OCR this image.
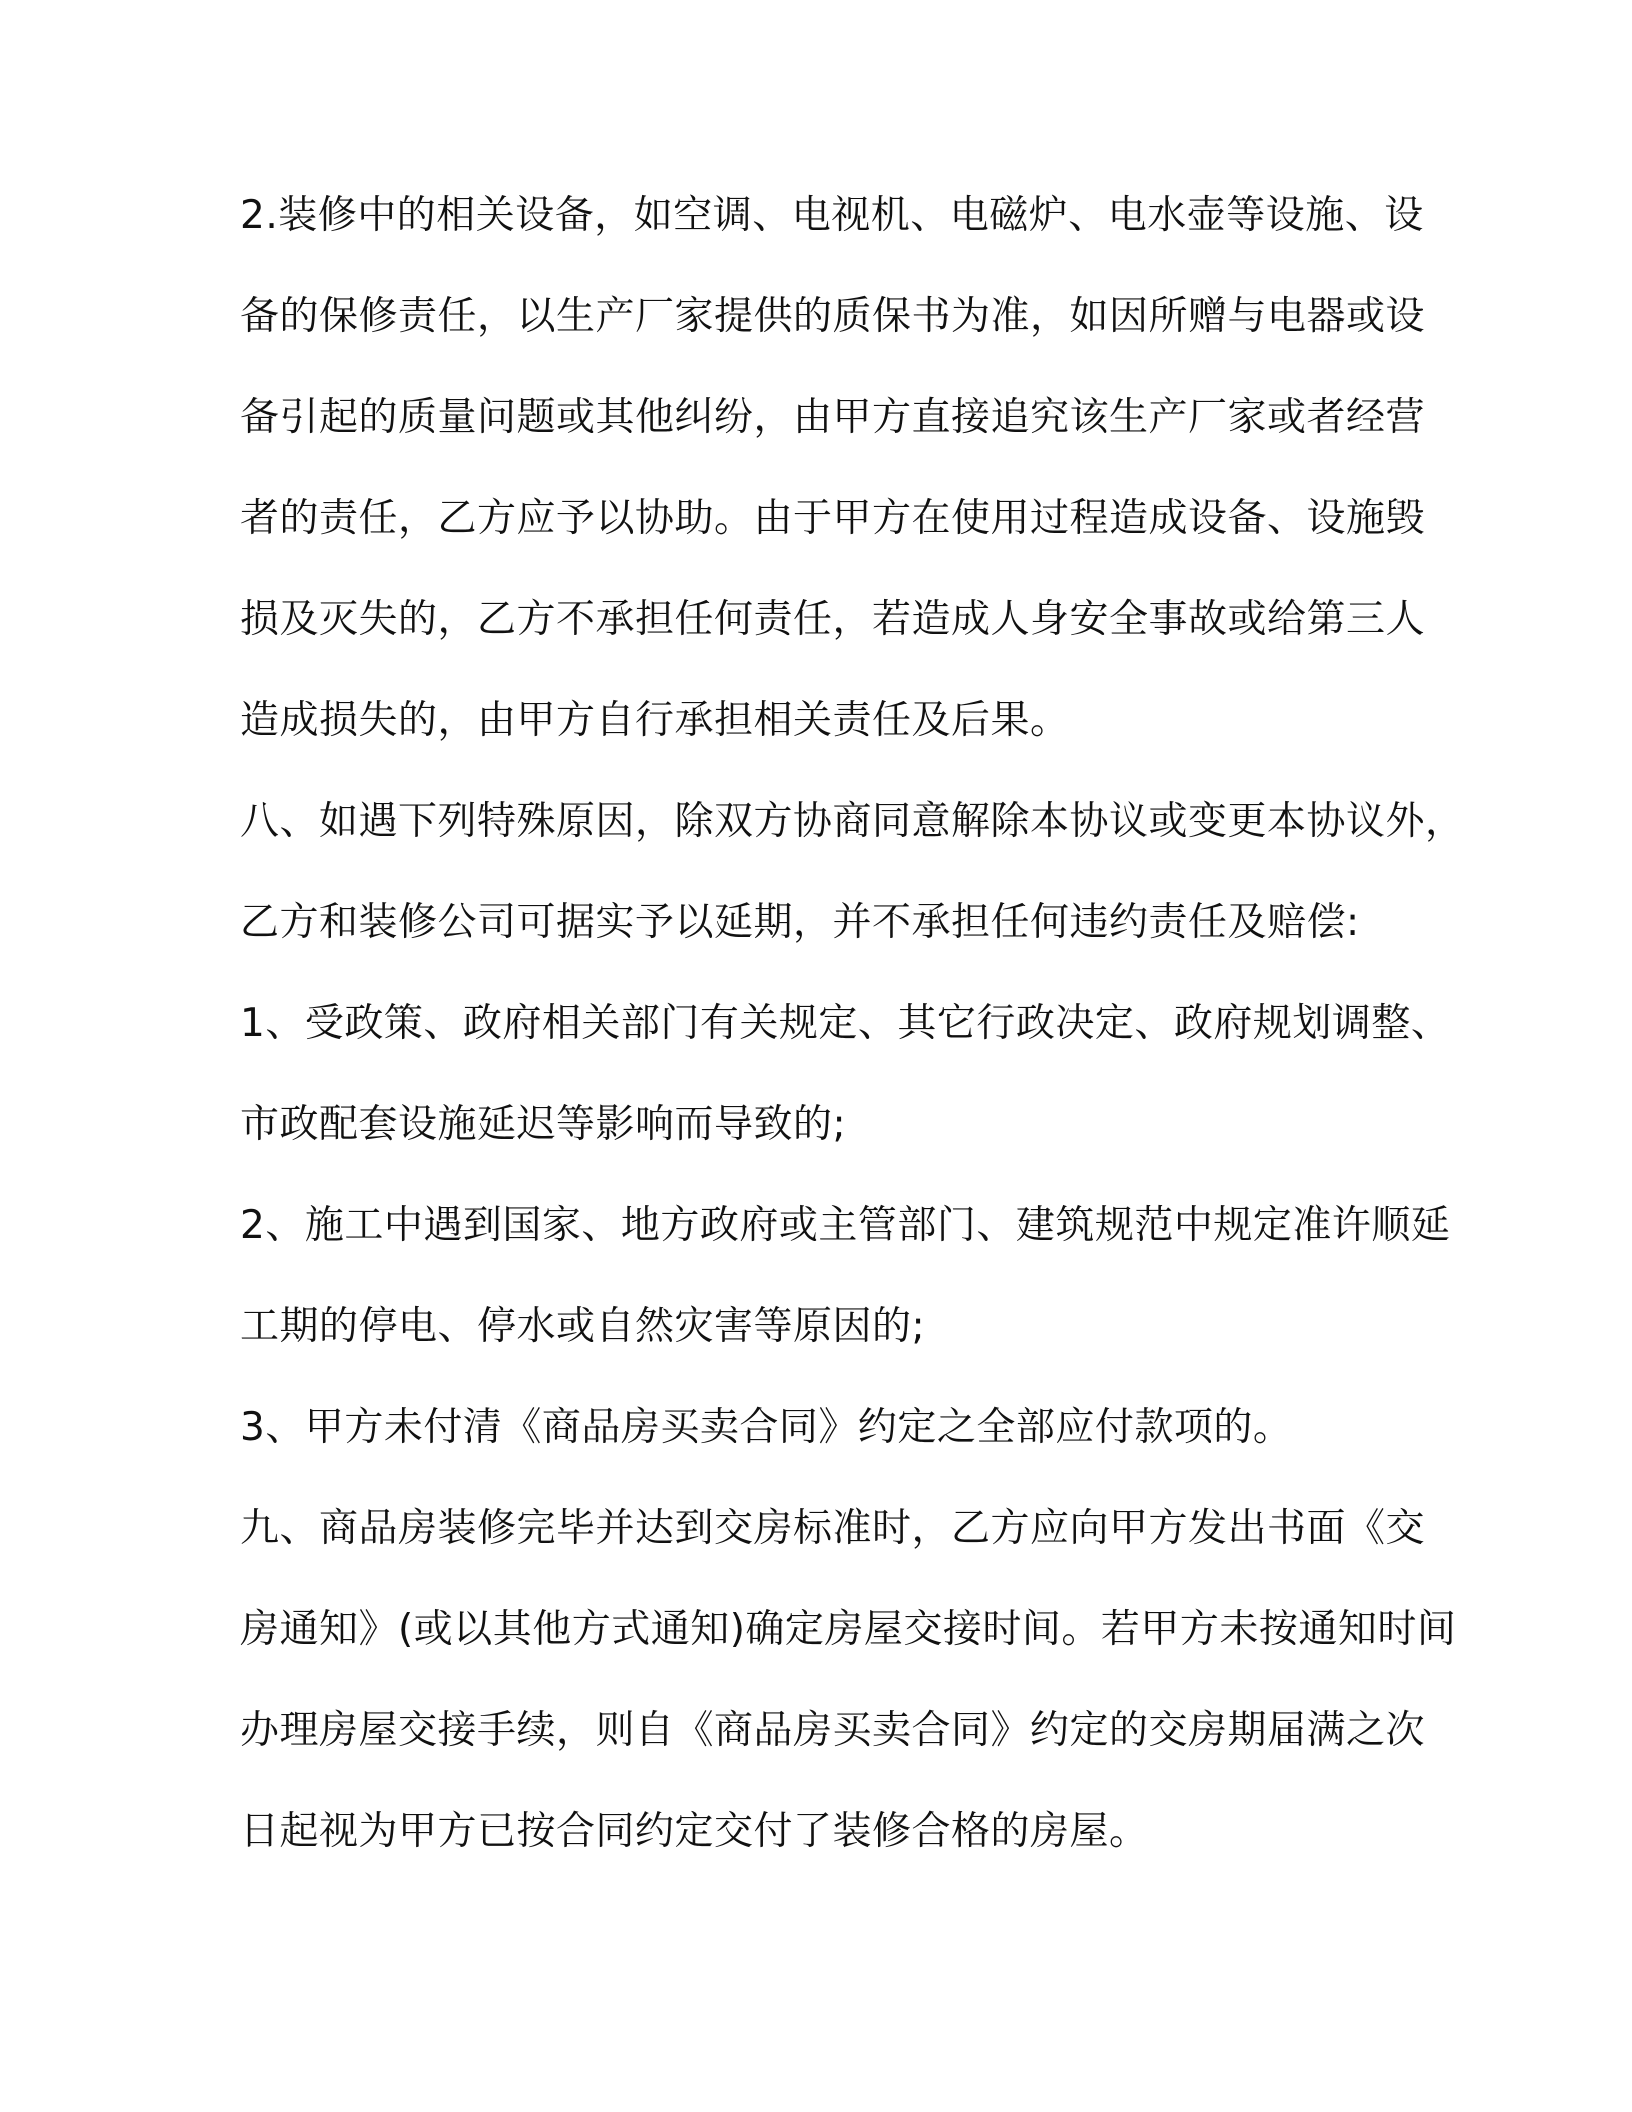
2.装修中的相关设备，如空调、电视机、电磁炉、电水壶等设施、设
备的保修责任，以生产厂家提供的质保书为准，如因所赠与电器或设
备引起的质量问题或其他纠纷，由甲方直接追究该生产厂家或者经营
者的责任，乙方应予以协助。由于甲方在使用过程造成设备、设施毁
损及灭失的，乙方不承担任何责任，若造成人身安全事故或给第三人
造成损失的，由甲方自行承担相关责任及后果。
八、如遇下列特殊原因，除双方协商同意解除本协议或变更本协议外，
乙方和装修公司可据实予以延期，并不承担任何违约责任及赔偿:
1、受政策、政府相关部门有关规定、其它行政决定、政府规划调整、
市政配套设施延迟等影响而导致的;
2、施工中遇到国家、地方政府或主管部门、建筑规范中规定准许顺延
工期的停电、停水或自然灾害等原因的;
3、甲方未付清《商品房买卖合同》约定之全部应付款项的。
九、商品房装修完毕并达到交房标准时，乙方应向甲方发出书面《交
房通知》(或以其他方式通知)确定房屋交接时间。若甲方未按通知时间
办理房屋交接手续，则自《商品房买卖合同》约定的交房期届满之次
日起视为甲方已按合同约定交付了装修合格的房屋。
